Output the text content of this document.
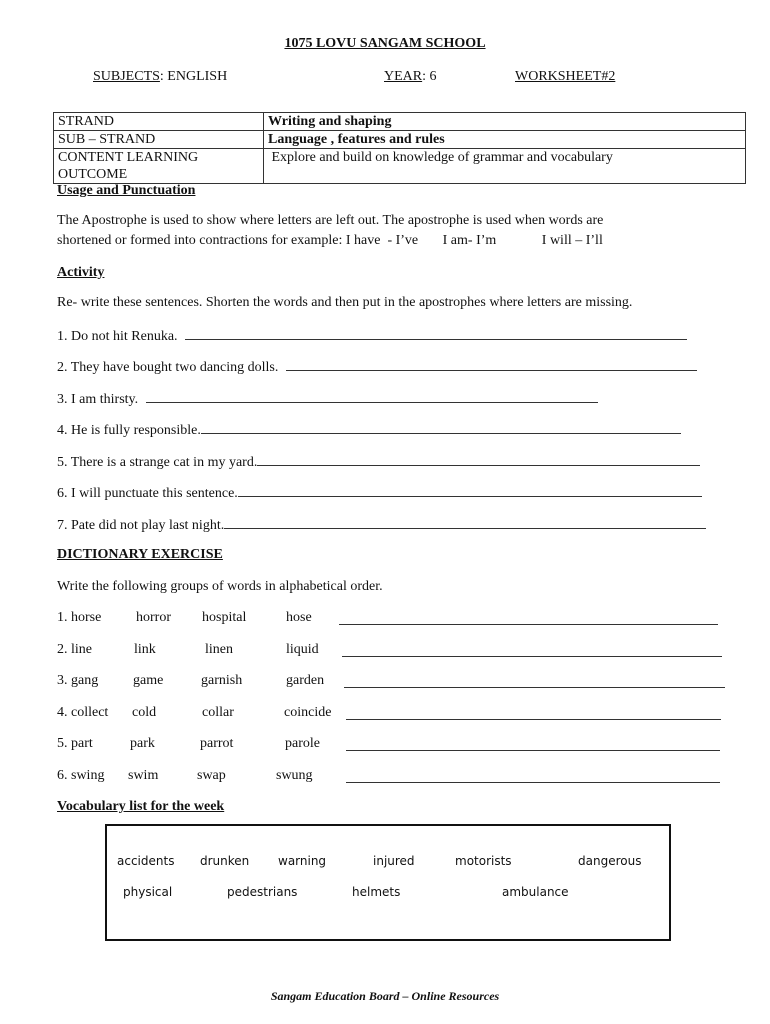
1075 LOVU SANGAM SCHOOL
SUBJECTS: ENGLISH	YEAR: 6	WORKSHEET#2
STRAND	Writing and shaping
SUB – STRAND	Language , features and rules
CONTENT LEARNING OUTCOME	Explore and build on knowledge of grammar and vocabulary
Usage and Punctuation
The Apostrophe is used to show where letters are left out. The apostrophe is used when words are
shortened or formed into contractions for example: I have  - I’ve       I am- I’m             I will – I’ll
Activity
Re- write these sentences. Shorten the words and then put in the apostrophes where letters are missing.
1. Do not hit Renuka.
2. They have bought two dancing dolls.
3. I am thirsty.
4. He is fully responsible.
5. There is a strange cat in my yard.
6. I will punctuate this sentence.
7. Pate did not play last night.
DICTIONARY EXERCISE
Write the following groups of words in alphabetical order.
1. horse horror hospital	hose
2. line	link	linen	liquid
3. gang game	garnish	garden
4. collect cold	collar	coincide
5. part	park	parrot	parole
6. swing swim	swap	swung
Vocabulary list for the week
accidents drunken warning	injured	motorists	dangerous
physical	pedestrians	helmets	ambulance
Sangam Education Board – Online Resources
